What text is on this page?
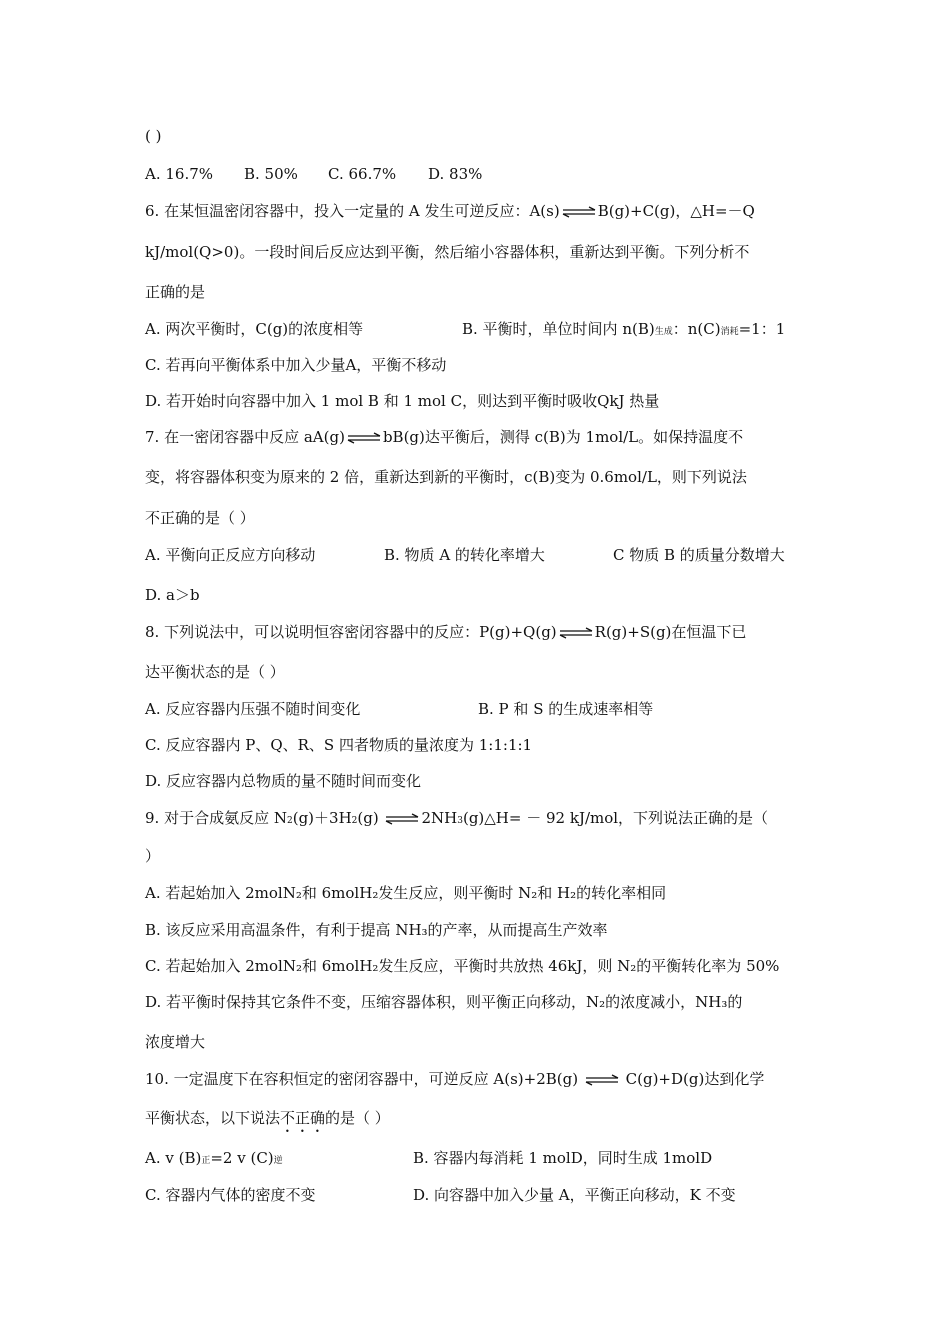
( )
A. 16.7% B. 50% C. 66.7% D. 83%
6. 在某恒温密闭容器中，投入一定量的 A 发生可逆反应：A(s) ⇌ B(g)+C(g)，△H=－Q
kJ/mol(Q>0)。一段时间后反应达到平衡，然后缩小容器体积，重新达到平衡。下列分析不
正确的是
A. 两次平衡时，C(g)的浓度相等	B. 平衡时，单位时间内 n(B)生成：n(C)消耗=1：1
C. 若再向平衡体系中加入少量A，平衡不移动
D. 若开始时向容器中加入 1 mol B 和 1 mol C，则达到平衡时吸收QkJ 热量
7. 在一密闭容器中反应 aA(g) ⇌ bB(g)达平衡后，测得 c(B)为 1mol/L。如保持温度不
变，将容器体积变为原来的 2 倍，重新达到新的平衡时，c(B)变为 0.6mol/L，则下列说法
不正确的是（ ）
A. 平衡向正反应方向移动	B. 物质 A 的转化率增大	C 物质 B 的质量分数增大
D. a＞b
8. 下列说法中，可以说明恒容密闭容器中的反应：P(g)+Q(g) ⇌ R(g)+S(g)在恒温下已
达平衡状态的是（ ）
A. 反应容器内压强不随时间变化	B. P 和 S 的生成速率相等
C. 反应容器内 P、Q、R、S 四者物质的量浓度为 1:1:1:1
D. 反应容器内总物质的量不随时间而变化
9. 对于合成氨反应 N2(g)＋3H2(g) ⇌ 2NH3(g)△H= － 92 kJ/mol，下列说法正确的是（
）
A. 若起始加入 2molN₂和 6molH₂发生反应，则平衡时 N₂和 H₂的转化率相同
B. 该反应采用高温条件，有利于提高 NH₃的产率，从而提高生产效率
C. 若起始加入 2molN₂和 6molH₂发生反应，平衡时共放热 46kJ，则 N₂的平衡转化率为 50%
D. 若平衡时保持其它条件不变，压缩容器体积，则平衡正向移动，N₂的浓度减小，NH₃的
浓度增大
10. 一定温度下在容积恒定的密闭容器中，可逆反应 A(s)+2B(g) ⇌ C(g)+D(g)达到化学
平衡状态，以下说法不正确的是（ ）
A. v (B)正=2 v (C)逆	B. 容器内每消耗 1 molD，同时生成 1molD
C. 容器内气体的密度不变	D. 向容器中加入少量 A，平衡正向移动，K 不变
